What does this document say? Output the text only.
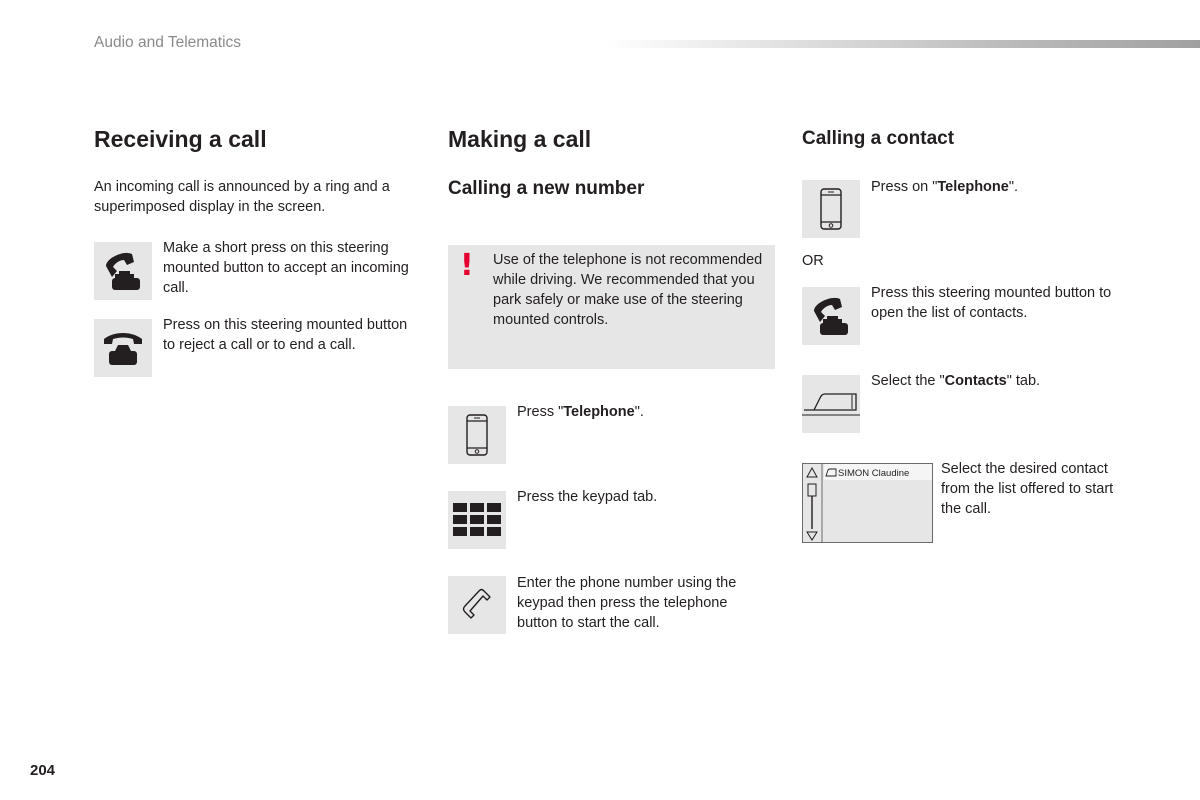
Audio and Telematics
Receiving a call
An incoming call is announced by a ring and a superimposed display in the screen.
Make a short press on this steering mounted button to accept an incoming call.
Press on this steering mounted button to reject a call or to end a call.
Making a call
Calling a new number
! Use of the telephone is not recommended while driving. We recommended that you park safely or make use of the steering mounted controls.
Press "Telephone".
Press the keypad tab.
Enter the phone number using the keypad then press the telephone button to start the call.
Calling a contact
Press on "Telephone".
OR
Press this steering mounted button to open the list of contacts.
Select the "Contacts" tab.
SIMON Claudine Select the desired contact from the list offered to start the call.
204
